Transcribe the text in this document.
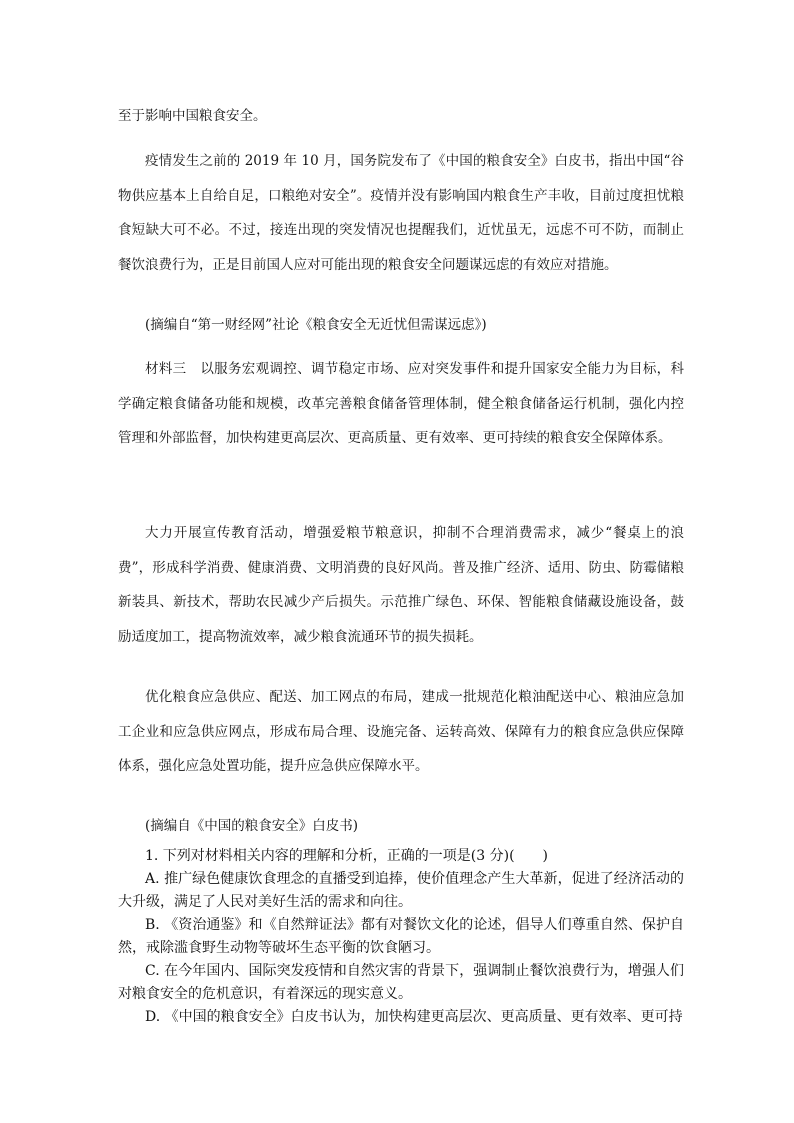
至于影响中国粮食安全。

疫情发生之前的 2019 年 10 月，国务院发布了《中国的粮食安全》白皮书，指出中国“谷物供应基本上自给自足，口粮绝对安全”。疫情并没有影响国内粮食生产丰收，目前过度担忧粮食短缺大可不必。不过，接连出现的突发情况也提醒我们，近忧虽无，远虑不可不防，而制止餐饮浪费行为，正是目前国人应对可能出现的粮食安全问题谋远虑的有效应对措施。

(摘编自“第一财经网”社论《粮食安全无近忧但需谋远虑》)

材料三　以服务宏观调控、调节稳定市场、应对突发事件和提升国家安全能力为目标，科学确定粮食储备功能和规模，改革完善粮食储备管理体制，健全粮食储备运行机制，强化内控管理和外部监督，加快构建更高层次、更高质量、更有效率、更可持续的粮食安全保障体系。

大力开展宣传教育活动，增强爱粮节粮意识，抑制不合理消费需求，减少“餐桌上的浪费”，形成科学消费、健康消费、文明消费的良好风尚。普及推广经济、适用、防虫、防霉储粮新装具、新技术，帮助农民减少产后损失。示范推广绿色、环保、智能粮食储藏设施设备，鼓励适度加工，提高物流效率，减少粮食流通环节的损失损耗。

优化粮食应急供应、配送、加工网点的布局，建成一批规范化粮油配送中心、粮油应急加工企业和应急供应网点，形成布局合理、设施完备、运转高效、保障有力的粮食应急供应保障体系，强化应急处置功能，提升应急供应保障水平。

(摘编自《中国的粮食安全》白皮书)

1. 下列对材料相关内容的理解和分析，正确的一项是(3 分)(　　)

A. 推广绿色健康饮食理念的直播受到追捧，使价值理念产生大革新，促进了经济活动的大升级，满足了人民对美好生活的需求和向往。

B. 《资治通鉴》和《自然辩证法》都有对餐饮文化的论述，倡导人们尊重自然、保护自然，戒除滥食野生动物等破坏生态平衡的饮食陋习。

C. 在今年国内、国际突发疫情和自然灾害的背景下，强调制止餐饮浪费行为，增强人们对粮食安全的危机意识，有着深远的现实意义。

D. 《中国的粮食安全》白皮书认为，加快构建更高层次、更高质量、更有效率、更可持
